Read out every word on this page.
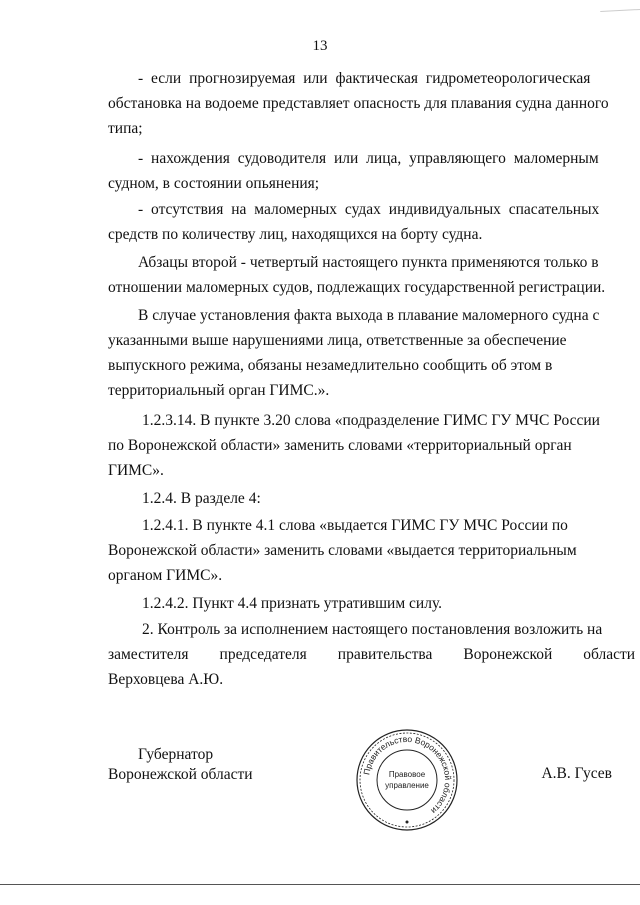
13
- если прогнозируемая или фактическая гидрометеорологическая
обстановка на водоеме представляет опасность для плавания судна данного
типа;
- нахождения судоводителя или лица, управляющего маломерным
судном, в состоянии опьянения;
- отсутствия на маломерных судах индивидуальных спасательных
средств по количеству лиц, находящихся на борту судна.
Абзацы второй - четвертый настоящего пункта применяются только в
отношении маломерных судов, подлежащих государственной регистрации.
В случае установления факта выхода в плавание маломерного судна с
указанными выше нарушениями лица, ответственные за обеспечение
выпускного режима, обязаны незамедлительно сообщить об этом в
территориальный орган ГИМС.».
1.2.3.14. В пункте 3.20 слова «подразделение ГИМС ГУ МЧС России
по Воронежской области» заменить словами «территориальный орган
ГИМС».
1.2.4. В разделе 4:
1.2.4.1. В пункте 4.1 слова «выдается ГИМС ГУ МЧС России по
Воронежской области» заменить словами «выдается территориальным
органом ГИМС».
1.2.4.2. Пункт 4.4 признать утратившим силу.
2. Контроль за исполнением настоящего постановления возложить на
заместителя        председателя        правительства        Воронежской        области
Верховцева А.Ю.
Губернатор
Воронежской области	Правительство Воронежской области
Правовое
управление
А.В. Гусев
